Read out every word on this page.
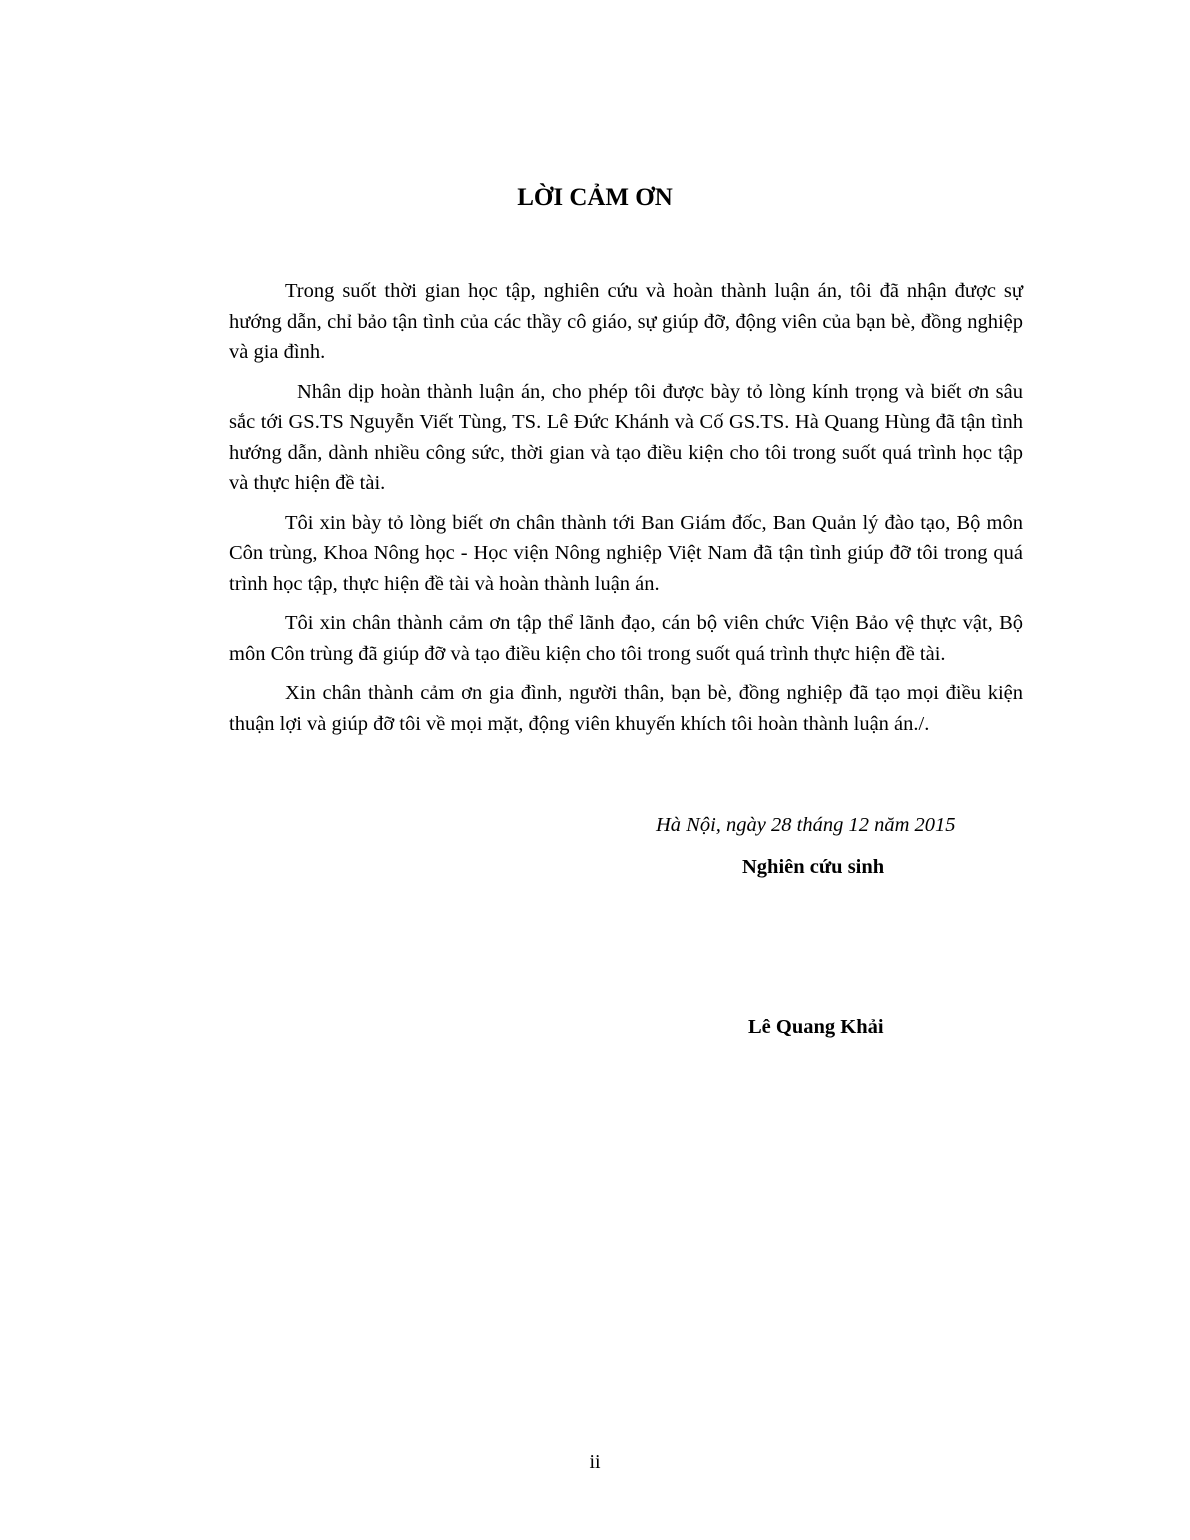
LỜI CẢM ƠN

Trong suốt thời gian học tập, nghiên cứu và hoàn thành luận án, tôi đã nhận được sự hướng dẫn, chỉ bảo tận tình của các thầy cô giáo, sự giúp đỡ, động viên của bạn bè, đồng nghiệp và gia đình.

Nhân dịp hoàn thành luận án, cho phép tôi được bày tỏ lòng kính trọng và biết ơn sâu sắc tới GS.TS Nguyễn Viết Tùng, TS. Lê Đức Khánh và Cố GS.TS. Hà Quang Hùng đã tận tình hướng dẫn, dành nhiều công sức, thời gian và tạo điều kiện cho tôi trong suốt quá trình học tập và thực hiện đề tài.

Tôi xin bày tỏ lòng biết ơn chân thành tới Ban Giám đốc, Ban Quản lý đào tạo, Bộ môn Côn trùng, Khoa Nông học - Học viện Nông nghiệp Việt Nam đã tận tình giúp đỡ tôi trong quá trình học tập, thực hiện đề tài và hoàn thành luận án.

Tôi xin chân thành cảm ơn tập thể lãnh đạo, cán bộ viên chức Viện Bảo vệ thực vật, Bộ môn Côn trùng đã giúp đỡ và tạo điều kiện cho tôi trong suốt quá trình thực hiện đề tài.

Xin chân thành cảm ơn gia đình, người thân, bạn bè, đồng nghiệp đã tạo mọi điều kiện thuận lợi và giúp đỡ tôi về mọi mặt, động viên khuyến khích tôi hoàn thành luận án./.

Hà Nội, ngày 28 tháng 12 năm 2015
Nghiên cứu sinh
Lê Quang Khải
ii
